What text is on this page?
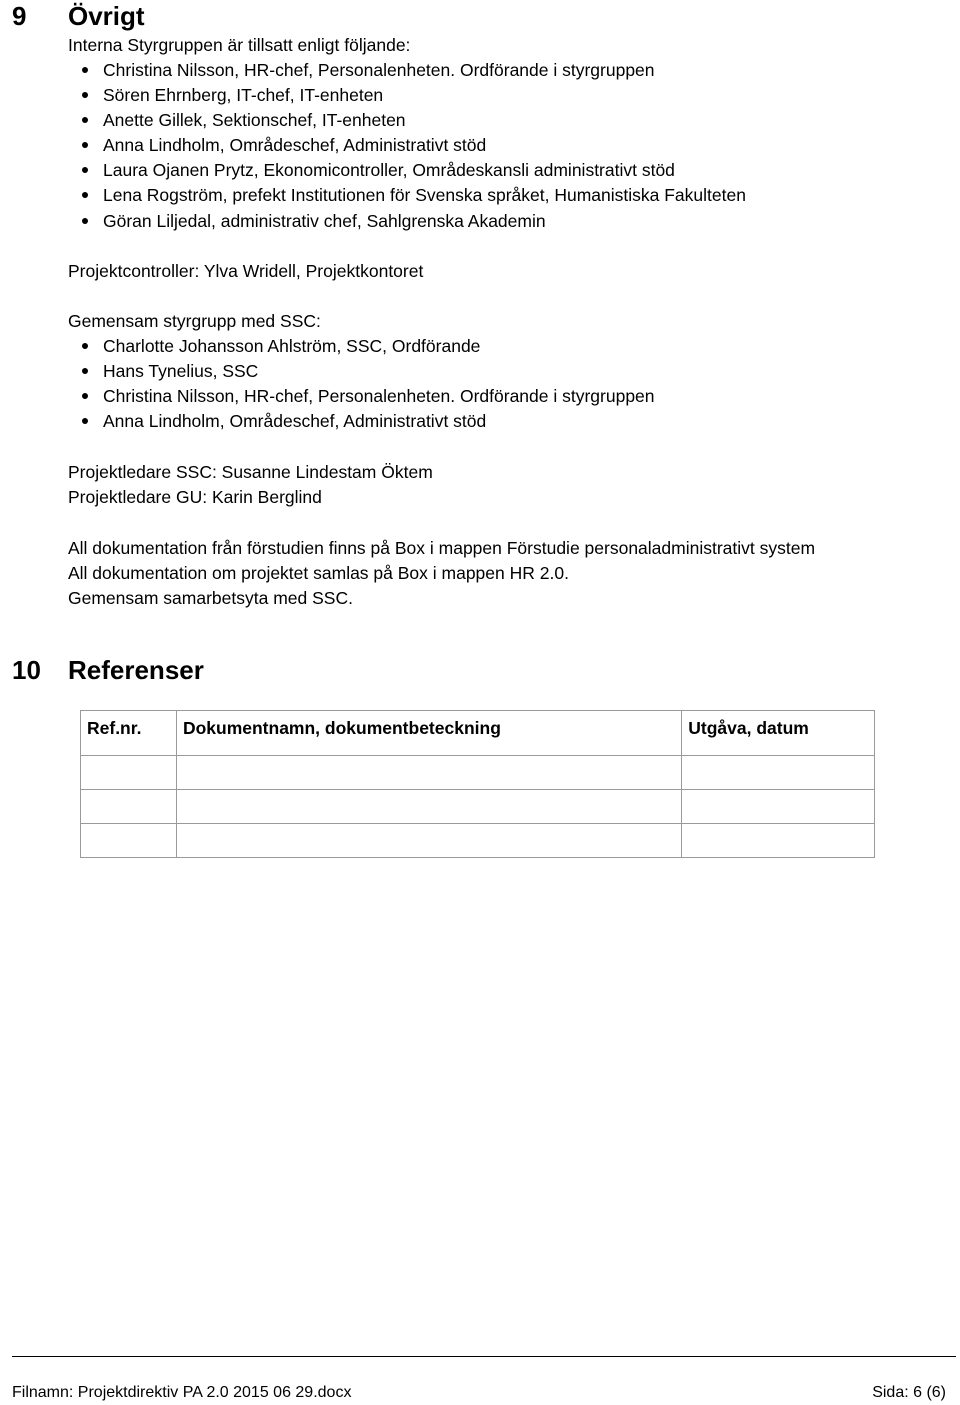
9 Övrigt
Interna Styrgruppen är tillsatt enligt följande:
Christina Nilsson, HR-chef, Personalenheten. Ordförande i styrgruppen
Sören Ehrnberg, IT-chef, IT-enheten
Anette Gillek, Sektionschef, IT-enheten
Anna Lindholm, Områdeschef, Administrativt stöd
Laura Ojanen Prytz, Ekonomicontroller, Områdeskansli administrativt stöd
Lena Rogström, prefekt Institutionen för Svenska språket, Humanistiska Fakulteten
Göran Liljedal, administrativ chef, Sahlgrenska Akademin
Projektcontroller: Ylva Wridell, Projektkontoret
Gemensam styrgrupp med SSC:
Charlotte Johansson Ahlström, SSC, Ordförande
Hans Tynelius, SSC
Christina Nilsson, HR-chef, Personalenheten. Ordförande i styrgruppen
Anna Lindholm, Områdeschef, Administrativt stöd
Projektledare SSC: Susanne Lindestam Öktem
Projektledare GU: Karin Berglind
All dokumentation från förstudien finns på Box i mappen Förstudie personaladministrativt system
All dokumentation om projektet samlas på Box i mappen HR 2.0.
Gemensam samarbetsyta med SSC.
10 Referenser
Ref.nr.	Dokumentnamn, dokumentbeteckning	Utgåva, datum

Filnamn: Projektdirektiv PA 2.0 2015 06 29.docx	Sida: 6 (6)
